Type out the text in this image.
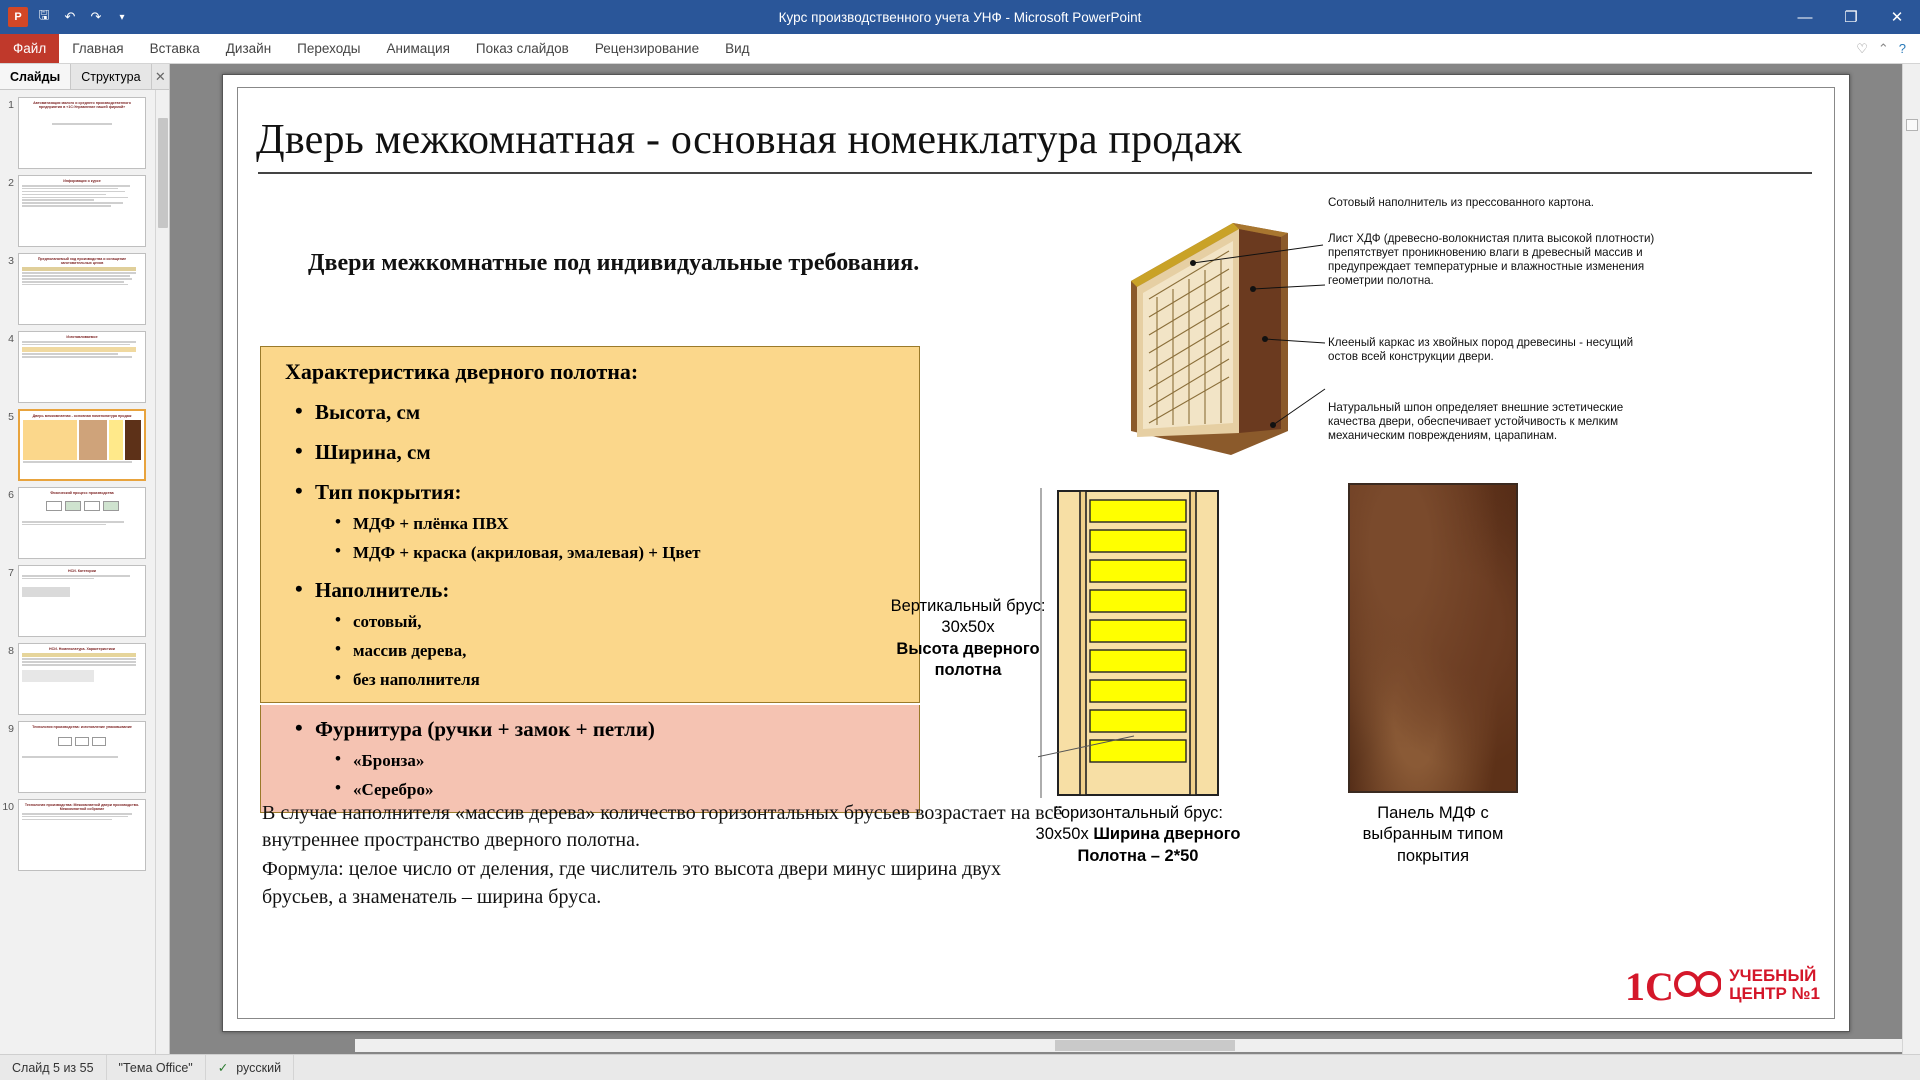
P	🖫	↶	↷	▾	Курс производственного учета УНФ - Microsoft PowerPoint	—	❐	✕
Файл	Главная	Вставка	Дизайн	Переходы	Анимация	Показ слайдов	Рецензирование	Вид	♡ ⌃ ?
Слайды	Структура	✕
1	Автоматизация малого и среднего производственного предприятия в «1С:Управление нашей фирмой»
2	Информация о курсе
3	Предполагаемый ход производства и оснащение заготовительных цехов
4	Изготавливаемое
5	Дверь межкомнатная - основная номенклатура продаж
6	Физический процесс производства
7	НСИ. Категории
8	НСИ. Номенклатура. Характеристики
9	Технология производства: изготовление упаковывание
10	Технология производства: Межкомнатной двери производство. Межкомнатной собрание
Дверь межкомнатная - основная номенклатура продаж
Двери межкомнатные под индивидуальные требования.
Характеристика дверного полотна:
• Высота, см
• Ширина, см
• Тип покрытия:
• МДФ + плёнка ПВХ
• МДФ + краска (акриловая, эмалевая) + Цвет
• Наполнитель:
• сотовый,
• массив дерева,
• без наполнителя
• Фурнитура (ручки + замок + петли)
• «Бронза»
• «Серебро»
В случае наполнителя «массив дерева» количество горизонтальных брусьев возрастает на всё внутреннее пространство дверного полотна.
Формула: целое число от деления, где числитель это высота двери минус ширина двух брусьев, а знаменатель – ширина бруса.
Сотовый наполнитель из прессованного картона.
Лист ХДФ (древесно-волокнистая плита высокой плотности) препятствует проникновению влаги в древесный массив и предупреждает температурные и влажностные изменения геометрии полотна.
Клееный каркас из хвойных пород древесины - несущий остов всей конструкции двери.
Натуральный шпон определяет внешние эстетические качества двери, обеспечивает устойчивость к мелким механическим повреждениям, царапинам.
Вертикальный брус:
30х50х
Высота дверного
полотна
Горизонтальный брус:
30х50х Ширина дверного Полотна – 2*50
Панель МДФ с
выбранным типом
покрытия
1С	УЧЕБНЫЙ
ЦЕНТР №1
Слайд 5 из 55	"Тема Office"	✓ русский
